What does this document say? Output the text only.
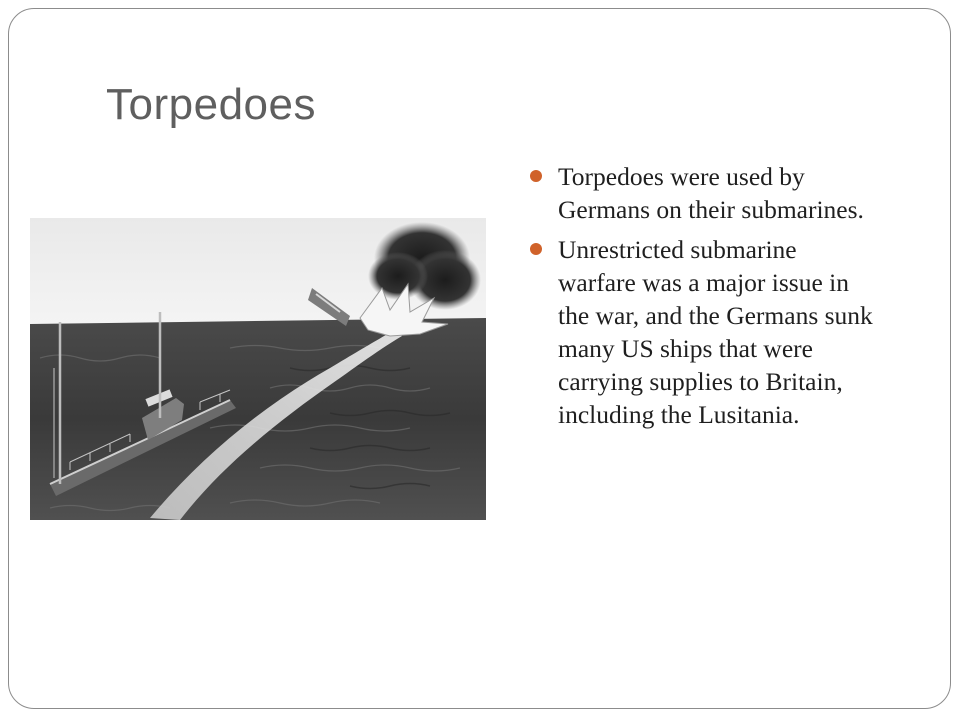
Torpedoes
Torpedoes were used by Germans on their submarines.
Unrestricted submarine warfare was a major issue in the war, and the Germans sunk many US ships that were carrying supplies to Britain, including the Lusitania.
